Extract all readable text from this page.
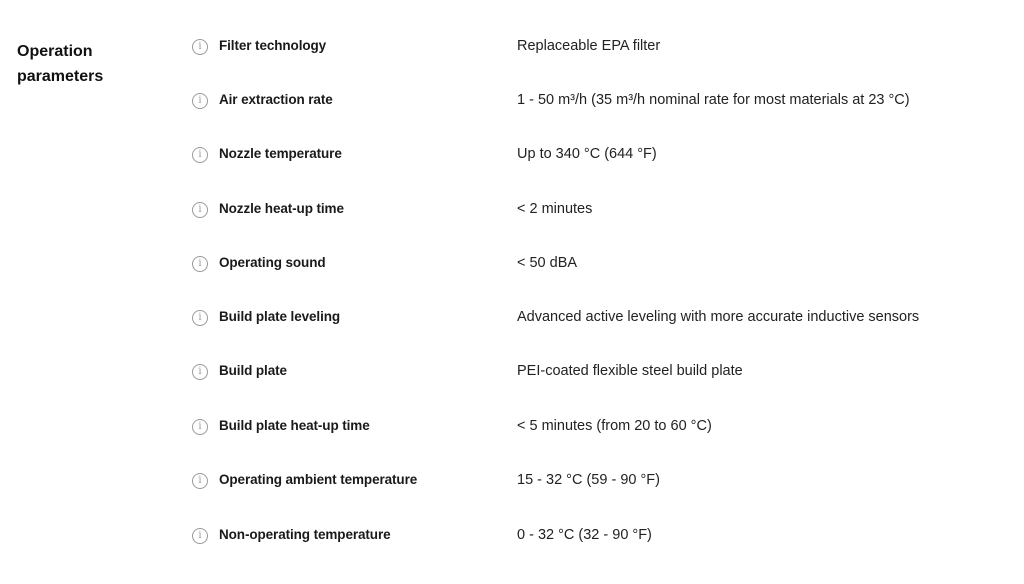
Operation parameters
i	Filter technology	Replaceable EPA filter
i	Air extraction rate	1 - 50 m³/h (35 m³/h nominal rate for most materials at 23 °C)
i	Nozzle temperature	Up to 340 °C (644 °F)
i	Nozzle heat-up time	< 2 minutes
i	Operating sound	< 50 dBA
i	Build plate leveling	Advanced active leveling with more accurate inductive sensors
i	Build plate	PEI-coated flexible steel build plate
i	Build plate heat-up time	< 5 minutes (from 20 to 60 °C)
i	Operating ambient temperature	15 - 32 °C (59 - 90 °F)
i	Non-operating temperature	0 - 32 °C (32 - 90 °F)
